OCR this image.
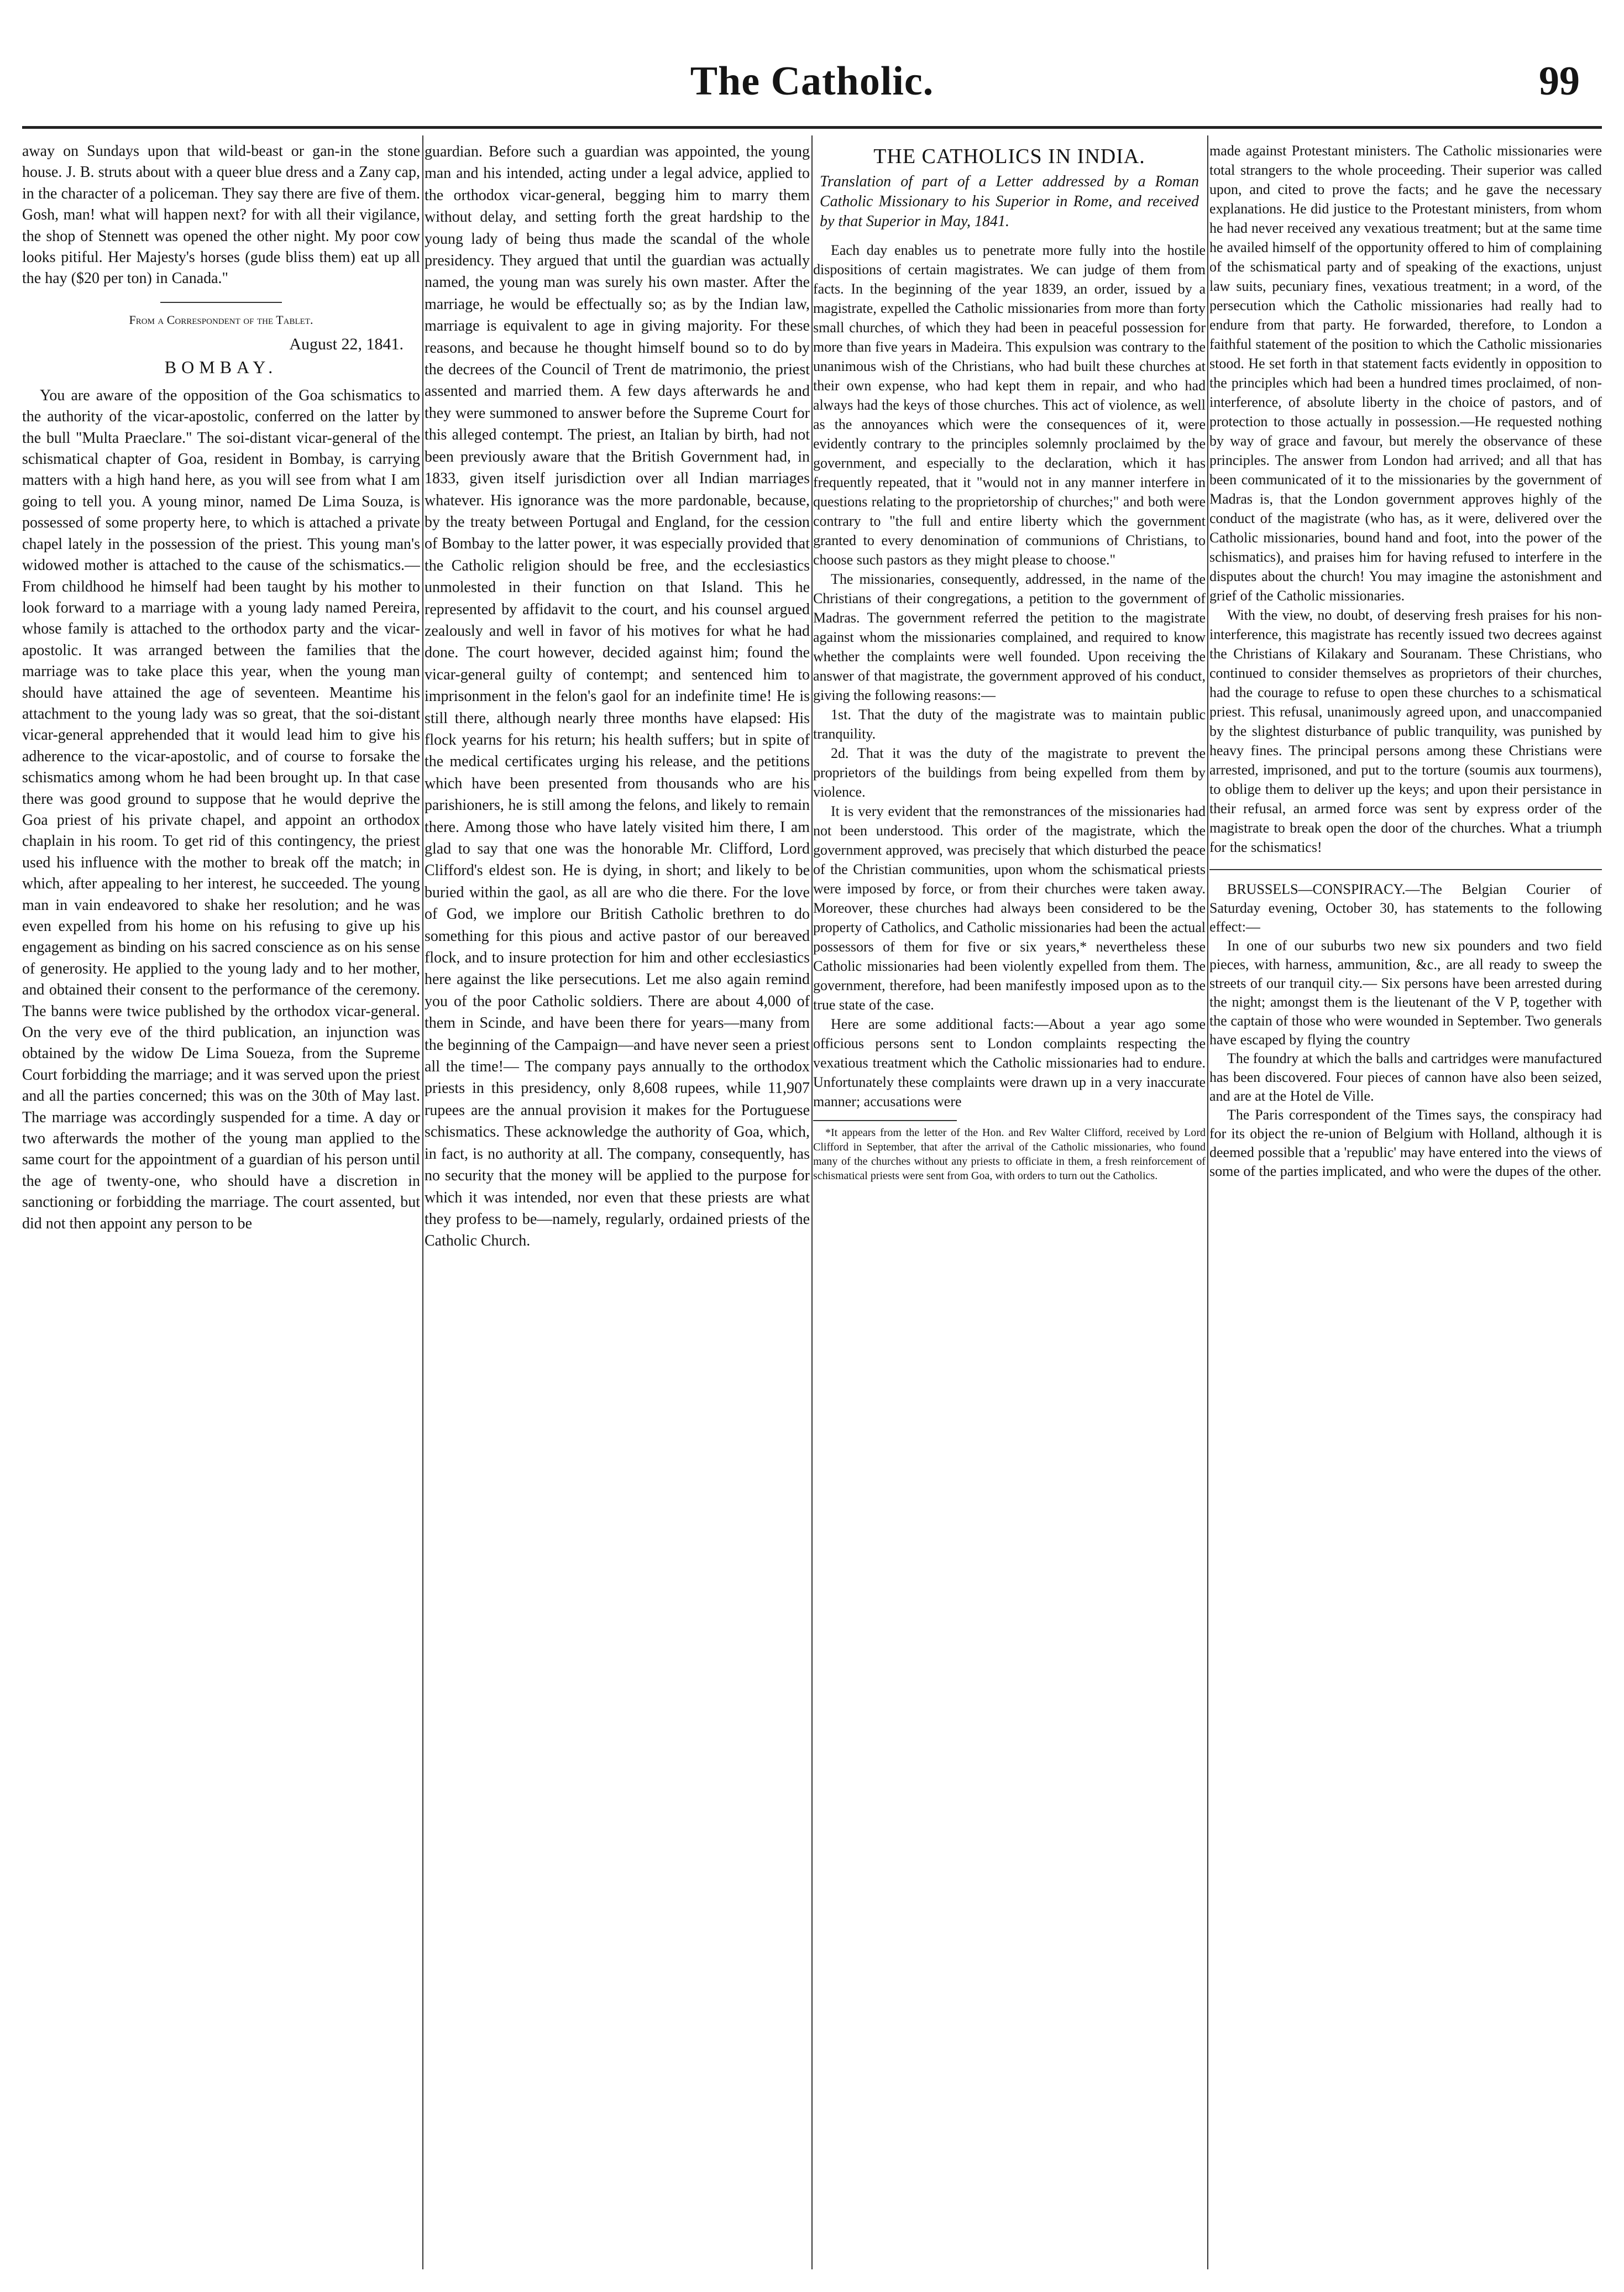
The Catholic.	99

away on Sundays upon that wild-beast or gan-in the stone house. J. B. struts about with a queer blue dress and a Zany cap, in the character of a policeman. They say there are five of them. Gosh, man! what will happen next? for with all their vigilance, the shop of Stennett was opened the other night. My poor cow looks pitiful. Her Majesty's horses (gude bliss them) eat up all the hay ($20 per ton) in Canada."

From a Correspondent of the Tablet.
August 22, 1841.
BOMBAY.

You are aware of the opposition of the Goa schismatics to the authority of the vicar-apostolic, conferred on the latter by the bull "Multa Praeclare." The soi-distant vicar-general of the schismatical chapter of Goa, resident in Bombay, is carrying matters with a high hand here, as you will see from what I am going to tell you. A young minor, named De Lima Souza, is possessed of some property here, to which is attached a private chapel lately in the possession of the priest. This young man's widowed mother is attached to the cause of the schismatics.— From childhood he himself had been taught by his mother to look forward to a marriage with a young lady named Pereira, whose family is attached to the orthodox party and the vicar-apostolic. It was arranged between the families that the marriage was to take place this year, when the young man should have attained the age of seventeen. Meantime his attachment to the young lady was so great, that the soi-distant vicar-general apprehended that it would lead him to give his adherence to the vicar-apostolic, and of course to forsake the schismatics among whom he had been brought up. In that case there was good ground to suppose that he would deprive the Goa priest of his private chapel, and appoint an orthodox chaplain in his room. To get rid of this contingency, the priest used his influence with the mother to break off the match; in which, after appealing to her interest, he succeeded. The young man in vain endeavored to shake her resolution; and he was even expelled from his home on his refusing to give up his engagement as binding on his sacred conscience as on his sense of generosity. He applied to the young lady and to her mother, and obtained their consent to the performance of the ceremony. The banns were twice published by the orthodox vicar-general. On the very eve of the third publication, an injunction was obtained by the widow De Lima Soueza, from the Supreme Court forbidding the marriage; and it was served upon the priest and all the parties concerned; this was on the 30th of May last. The marriage was accordingly suspended for a time. A day or two afterwards the mother of the young man applied to the same court for the appointment of a guardian of his person until the age of twenty-one, who should have a discretion in sanctioning or forbidding the marriage. The court assented, but did not then appoint any person to be

guardian. Before such a guardian was appointed, the young man and his intended, acting under a legal advice, applied to the orthodox vicar-general, begging him to marry them without delay, and setting forth the great hardship to the young lady of being thus made the scandal of the whole presidency. They argued that until the guardian was actually named, the young man was surely his own master. After the marriage, he would be effectually so; as by the Indian law, marriage is equivalent to age in giving majority. For these reasons, and because he thought himself bound so to do by the decrees of the Council of Trent de matrimonio, the priest assented and married them. A few days afterwards he and they were summoned to answer before the Supreme Court for this alleged contempt. The priest, an Italian by birth, had not been previously aware that the British Government had, in 1833, given itself jurisdiction over all Indian marriages whatever. His ignorance was the more pardonable, because, by the treaty between Portugal and England, for the cession of Bombay to the latter power, it was especially provided that the Catholic religion should be free, and the ecclesiastics unmolested in their function on that Island. This he represented by affidavit to the court, and his counsel argued zealously and well in favor of his motives for what he had done. The court however, decided against him; found the vicar-general guilty of contempt; and sentenced him to imprisonment in the felon's gaol for an indefinite time! He is still there, although nearly three months have elapsed: His flock yearns for his return; his health suffers; but in spite of the medical certificates urging his release, and the petitions which have been presented from thousands who are his parishioners, he is still among the felons, and likely to remain there. Among those who have lately visited him there, I am glad to say that one was the honorable Mr. Clifford, Lord Clifford's eldest son. He is dying, in short; and likely to be buried within the gaol, as all are who die there. For the love of God, we implore our British Catholic brethren to do something for this pious and active pastor of our bereaved flock, and to insure protection for him and other ecclesiastics here against the like persecutions. Let me also again remind you of the poor Catholic soldiers. There are about 4,000 of them in Scinde, and have been there for years—many from the beginning of the Campaign—and have never seen a priest all the time!— The company pays annually to the orthodox priests in this presidency, only 8,608 rupees, while 11,907 rupees are the annual provision it makes for the Portuguese schismatics. These acknowledge the authority of Goa, which, in fact, is no authority at all. The company, consequently, has no security that the money will be applied to the purpose for which it was intended, nor even that these priests are what they profess to be—namely, regularly, ordained priests of the Catholic Church.

THE CATHOLICS IN INDIA.
Translation of part of a Letter addressed by a Roman Catholic Missionary to his Superior in Rome, and received by that Superior in May, 1841.

Each day enables us to penetrate more fully into the hostile dispositions of certain magistrates. We can judge of them from facts. In the beginning of the year 1839, an order, issued by a magistrate, expelled the Catholic missionaries from more than forty small churches, of which they had been in peaceful possession for more than five years in Madeira. This expulsion was contrary to the unanimous wish of the Christians, who had built these churches at their own expense, who had kept them in repair, and who had always had the keys of those churches. This act of violence, as well as the annoyances which were the consequences of it, were evidently contrary to the principles solemnly proclaimed by the government, and especially to the declaration, which it has frequently repeated, that it "would not in any manner interfere in questions relating to the proprietorship of churches;" and both were contrary to "the full and entire liberty which the government granted to every denomination of communions of Christians, to choose such pastors as they might please to choose."

The missionaries, consequently, addressed, in the name of the Christians of their congregations, a petition to the government of Madras. The government referred the petition to the magistrate against whom the missionaries complained, and required to know whether the complaints were well founded. Upon receiving the answer of that magistrate, the government approved of his conduct, giving the following reasons:—

1st. That the duty of the magistrate was to maintain public tranquility.

2d. That it was the duty of the magistrate to prevent the proprietors of the buildings from being expelled from them by violence.

It is very evident that the remonstrances of the missionaries had not been understood. This order of the magistrate, which the government approved, was precisely that which disturbed the peace of the Christian communities, upon whom the schismatical priests were imposed by force, or from their churches were taken away. Moreover, these churches had always been considered to be the property of Catholics, and Catholic missionaries had been the actual possessors of them for five or six years,* nevertheless these Catholic missionaries had been violently expelled from them. The government, therefore, had been manifestly imposed upon as to the true state of the case.

Here are some additional facts:—About a year ago some officious persons sent to London complaints respecting the vexatious treatment which the Catholic missionaries had to endure. Unfortunately these complaints were drawn up in a very inaccurate manner; accusations were

*It appears from the letter of the Hon. and Rev Walter Clifford, received by Lord Clifford in September, that after the arrival of the Catholic missionaries, who found many of the churches without any priests to officiate in them, a fresh reinforcement of schismatical priests were sent from Goa, with orders to turn out the Catholics.

made against Protestant ministers. The Catholic missionaries were total strangers to the whole proceeding. Their superior was called upon, and cited to prove the facts; and he gave the necessary explanations. He did justice to the Protestant ministers, from whom he had never received any vexatious treatment; but at the same time he availed himself of the opportunity offered to him of complaining of the schismatical party and of speaking of the exactions, unjust law suits, pecuniary fines, vexatious treatment; in a word, of the persecution which the Catholic missionaries had really had to endure from that party. He forwarded, therefore, to London a faithful statement of the position to which the Catholic missionaries stood. He set forth in that statement facts evidently in opposition to the principles which had been a hundred times proclaimed, of non-interference, of absolute liberty in the choice of pastors, and of protection to those actually in possession.—He requested nothing by way of grace and favour, but merely the observance of these principles. The answer from London had arrived; and all that has been communicated of it to the missionaries by the government of Madras is, that the London government approves highly of the conduct of the magistrate (who has, as it were, delivered over the Catholic missionaries, bound hand and foot, into the power of the schismatics), and praises him for having refused to interfere in the disputes about the church! You may imagine the astonishment and grief of the Catholic missionaries.

With the view, no doubt, of deserving fresh praises for his non-interference, this magistrate has recently issued two decrees against the Christians of Kilakary and Souranam. These Christians, who continued to consider themselves as proprietors of their churches, had the courage to refuse to open these churches to a schismatical priest. This refusal, unanimously agreed upon, and unaccompanied by the slightest disturbance of public tranquility, was punished by heavy fines. The principal persons among these Christians were arrested, imprisoned, and put to the torture (soumis aux tourmens), to oblige them to deliver up the keys; and upon their persistance in their refusal, an armed force was sent by express order of the magistrate to break open the door of the churches. What a triumph for the schismatics!

BRUSSELS—CONSPIRACY.—The Belgian Courier of Saturday evening, October 30, has statements to the following effect:—

In one of our suburbs two new six pounders and two field pieces, with harness, ammunition, &c., are all ready to sweep the streets of our tranquil city.— Six persons have been arrested during the night; amongst them is the lieutenant of the V P, together with the captain of those who were wounded in September. Two generals have escaped by flying the country

The foundry at which the balls and cartridges were manufactured has been discovered. Four pieces of cannon have also been seized, and are at the Hotel de Ville.

The Paris correspondent of the Times says, the conspiracy had for its object the re-union of Belgium with Holland, although it is deemed possible that a 'republic' may have entered into the views of some of the parties implicated, and who were the dupes of the other.
